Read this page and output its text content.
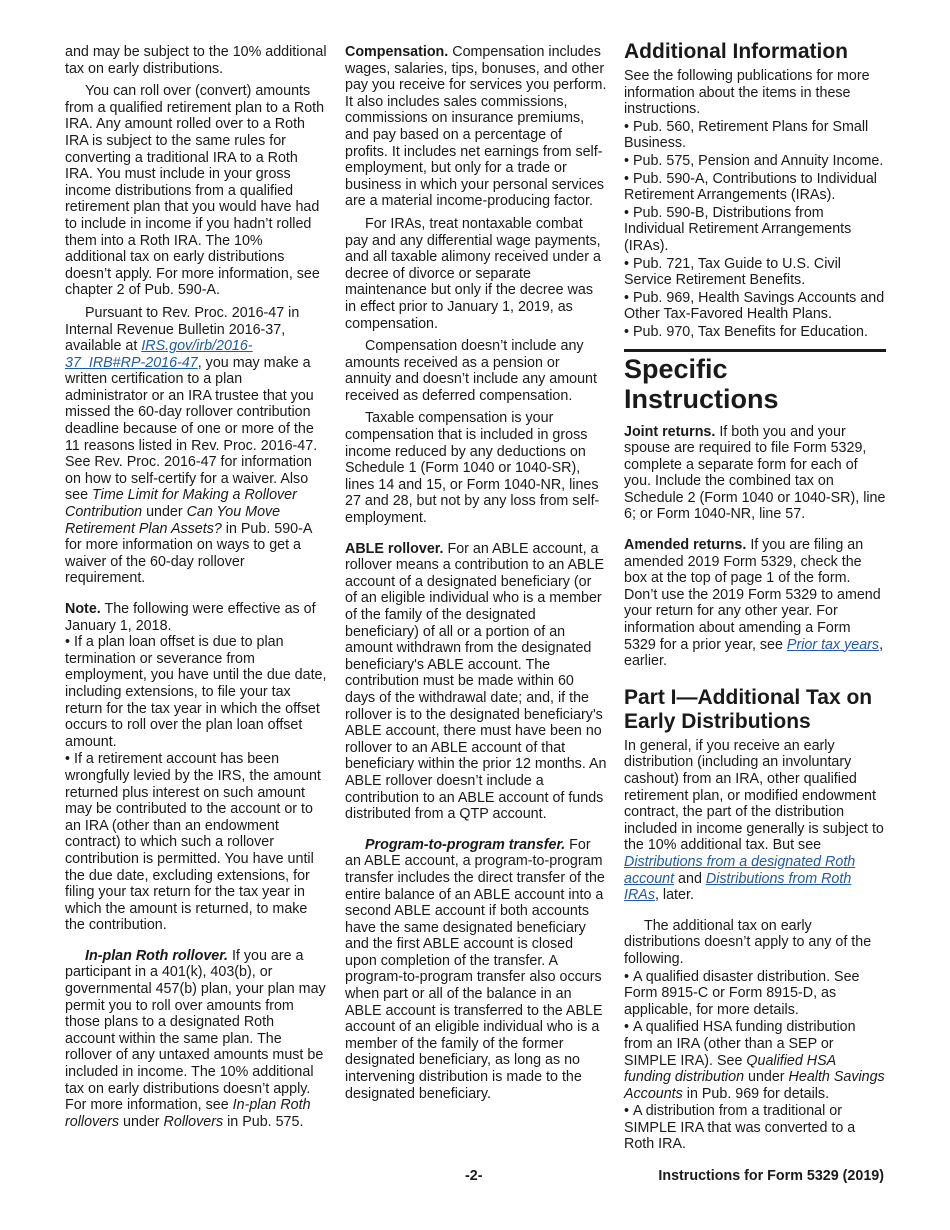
and may be subject to the 10% additional tax on early distributions.

You can roll over (convert) amounts from a qualified retirement plan to a Roth IRA. Any amount rolled over to a Roth IRA is subject to the same rules for converting a traditional IRA to a Roth IRA. You must include in your gross income distributions from a qualified retirement plan that you would have had to include in income if you hadn’t rolled them into a Roth IRA. The 10% additional tax on early distributions doesn’t apply. For more information, see chapter 2 of Pub. 590-A.

Pursuant to Rev. Proc. 2016-47 in Internal Revenue Bulletin 2016-37, available at IRS.gov/irb/2016-37_IRB#RP-2016-47, you may make a written certification to a plan administrator or an IRA trustee that you missed the 60-day rollover contribution deadline because of one or more of the 11 reasons listed in Rev. Proc. 2016-47. See Rev. Proc. 2016-47 for information on how to self-certify for a waiver. Also see Time Limit for Making a Rollover Contribution under Can You Move Retirement Plan Assets? in Pub. 590-A for more information on ways to get a waiver of the 60-day rollover requirement.

Note. The following were effective as of January 1, 2018.

• If a plan loan offset is due to plan termination or severance from employment, you have until the due date, including extensions, to file your tax return for the tax year in which the offset occurs to roll over the plan loan offset amount.

• If a retirement account has been wrongfully levied by the IRS, the amount returned plus interest on such amount may be contributed to the account or to an IRA (other than an endowment contract) to which such a rollover contribution is permitted. You have until the due date, excluding extensions, for filing your tax return for the tax year in which the amount is returned, to make the contribution.

In-plan Roth rollover. If you are a participant in a 401(k), 403(b), or governmental 457(b) plan, your plan may permit you to roll over amounts from those plans to a designated Roth account within the same plan. The rollover of any untaxed amounts must be included in income. The 10% additional tax on early distributions doesn’t apply. For more information, see In-plan Roth rollovers under Rollovers in Pub. 575.

Compensation. Compensation includes wages, salaries, tips, bonuses, and other pay you receive for services you perform. It also includes sales commissions, commissions on insurance premiums, and pay based on a percentage of profits. It includes net earnings from self-employment, but only for a trade or business in which your personal services are a material income-producing factor.

For IRAs, treat nontaxable combat pay and any differential wage payments, and all taxable alimony received under a decree of divorce or separate maintenance but only if the decree was in effect prior to January 1, 2019, as compensation.

Compensation doesn’t include any amounts received as a pension or annuity and doesn’t include any amount received as deferred compensation.

Taxable compensation is your compensation that is included in gross income reduced by any deductions on Schedule 1 (Form 1040 or 1040-SR), lines 14 and 15, or Form 1040-NR, lines 27 and 28, but not by any loss from self-employment.

ABLE rollover. For an ABLE account, a rollover means a contribution to an ABLE account of a designated beneficiary (or of an eligible individual who is a member of the family of the designated beneficiary) of all or a portion of an amount withdrawn from the designated beneficiary's ABLE account. The contribution must be made within 60 days of the withdrawal date; and, if the rollover is to the designated beneficiary's ABLE account, there must have been no rollover to an ABLE account of that beneficiary within the prior 12 months. An ABLE rollover doesn’t include a contribution to an ABLE account of funds distributed from a QTP account.

Program-to-program transfer. For an ABLE account, a program-to-program transfer includes the direct transfer of the entire balance of an ABLE account into a second ABLE account if both accounts have the same designated beneficiary and the first ABLE account is closed upon completion of the transfer. A program-to-program transfer also occurs when part or all of the balance in an ABLE account is transferred to the ABLE account of an eligible individual who is a member of the family of the former designated beneficiary, as long as no intervening distribution is made to the designated beneficiary.

Additional Information

See the following publications for more information about the items in these instructions.

• Pub. 560, Retirement Plans for Small Business.

• Pub. 575, Pension and Annuity Income.

• Pub. 590-A, Contributions to Individual Retirement Arrangements (IRAs).

• Pub. 590-B, Distributions from Individual Retirement Arrangements (IRAs).

• Pub. 721, Tax Guide to U.S. Civil Service Retirement Benefits.

• Pub. 969, Health Savings Accounts and Other Tax-Favored Health Plans.

• Pub. 970, Tax Benefits for Education.

Specific Instructions

Joint returns. If both you and your spouse are required to file Form 5329, complete a separate form for each of you. Include the combined tax on Schedule 2 (Form 1040 or 1040-SR), line 6; or Form 1040-NR, line 57.

Amended returns. If you are filing an amended 2019 Form 5329, check the box at the top of page 1 of the form. Don’t use the 2019 Form 5329 to amend your return for any other year. For information about amending a Form 5329 for a prior year, see Prior tax years, earlier.

Part I—Additional Tax on Early Distributions

In general, if you receive an early distribution (including an involuntary cashout) from an IRA, other qualified retirement plan, or modified endowment contract, the part of the distribution included in income generally is subject to the 10% additional tax. But see Distributions from a designated Roth account and Distributions from Roth IRAs, later.

The additional tax on early distributions doesn’t apply to any of the following.

• A qualified disaster distribution. See Form 8915-C or Form 8915-D, as applicable, for more details.

• A qualified HSA funding distribution from an IRA (other than a SEP or SIMPLE IRA). See Qualified HSA funding distribution under Health Savings Accounts in Pub. 969 for details.

• A distribution from a traditional or SIMPLE IRA that was converted to a Roth IRA.

-2-	Instructions for Form 5329 (2019)
